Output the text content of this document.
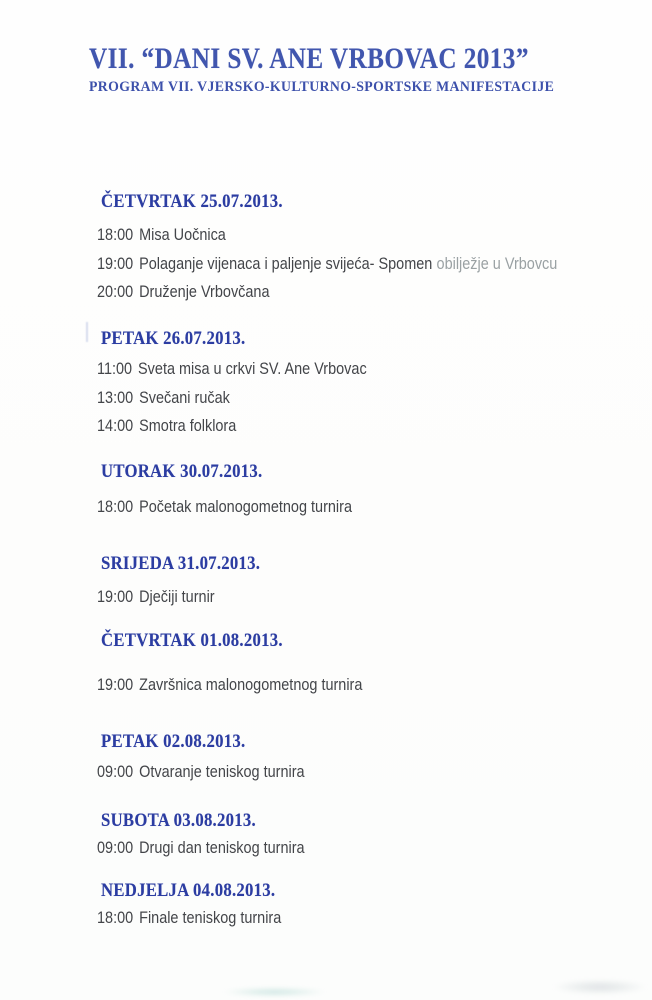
VII. “DANI SV. ANE VRBOVAC 2013”
PROGRAM VII. VJERSKO-KULTURNO-SPORTSKE MANIFESTACIJE
ČETVRTAK 25.07.2013.
18:00 Misa Uočnica
19:00 Polaganje vijenaca i paljenje svijeća- Spomen obilježje u Vrbovcu
20:00 Druženje Vrbovčana
PETAK 26.07.2013.
11:00 Sveta misa u crkvi SV. Ane Vrbovac
13:00 Svečani ručak
14:00 Smotra folklora
UTORAK 30.07.2013.
18:00 Početak malonogometnog turnira
SRIJEDA 31.07.2013.
19:00 Dječiji turnir
ČETVRTAK 01.08.2013.
19:00 Završnica malonogometnog turnira
PETAK 02.08.2013.
09:00 Otvaranje teniskog turnira
SUBOTA 03.08.2013.
09:00 Drugi dan teniskog turnira
NEDJELJA 04.08.2013.
18:00 Finale teniskog turnira
